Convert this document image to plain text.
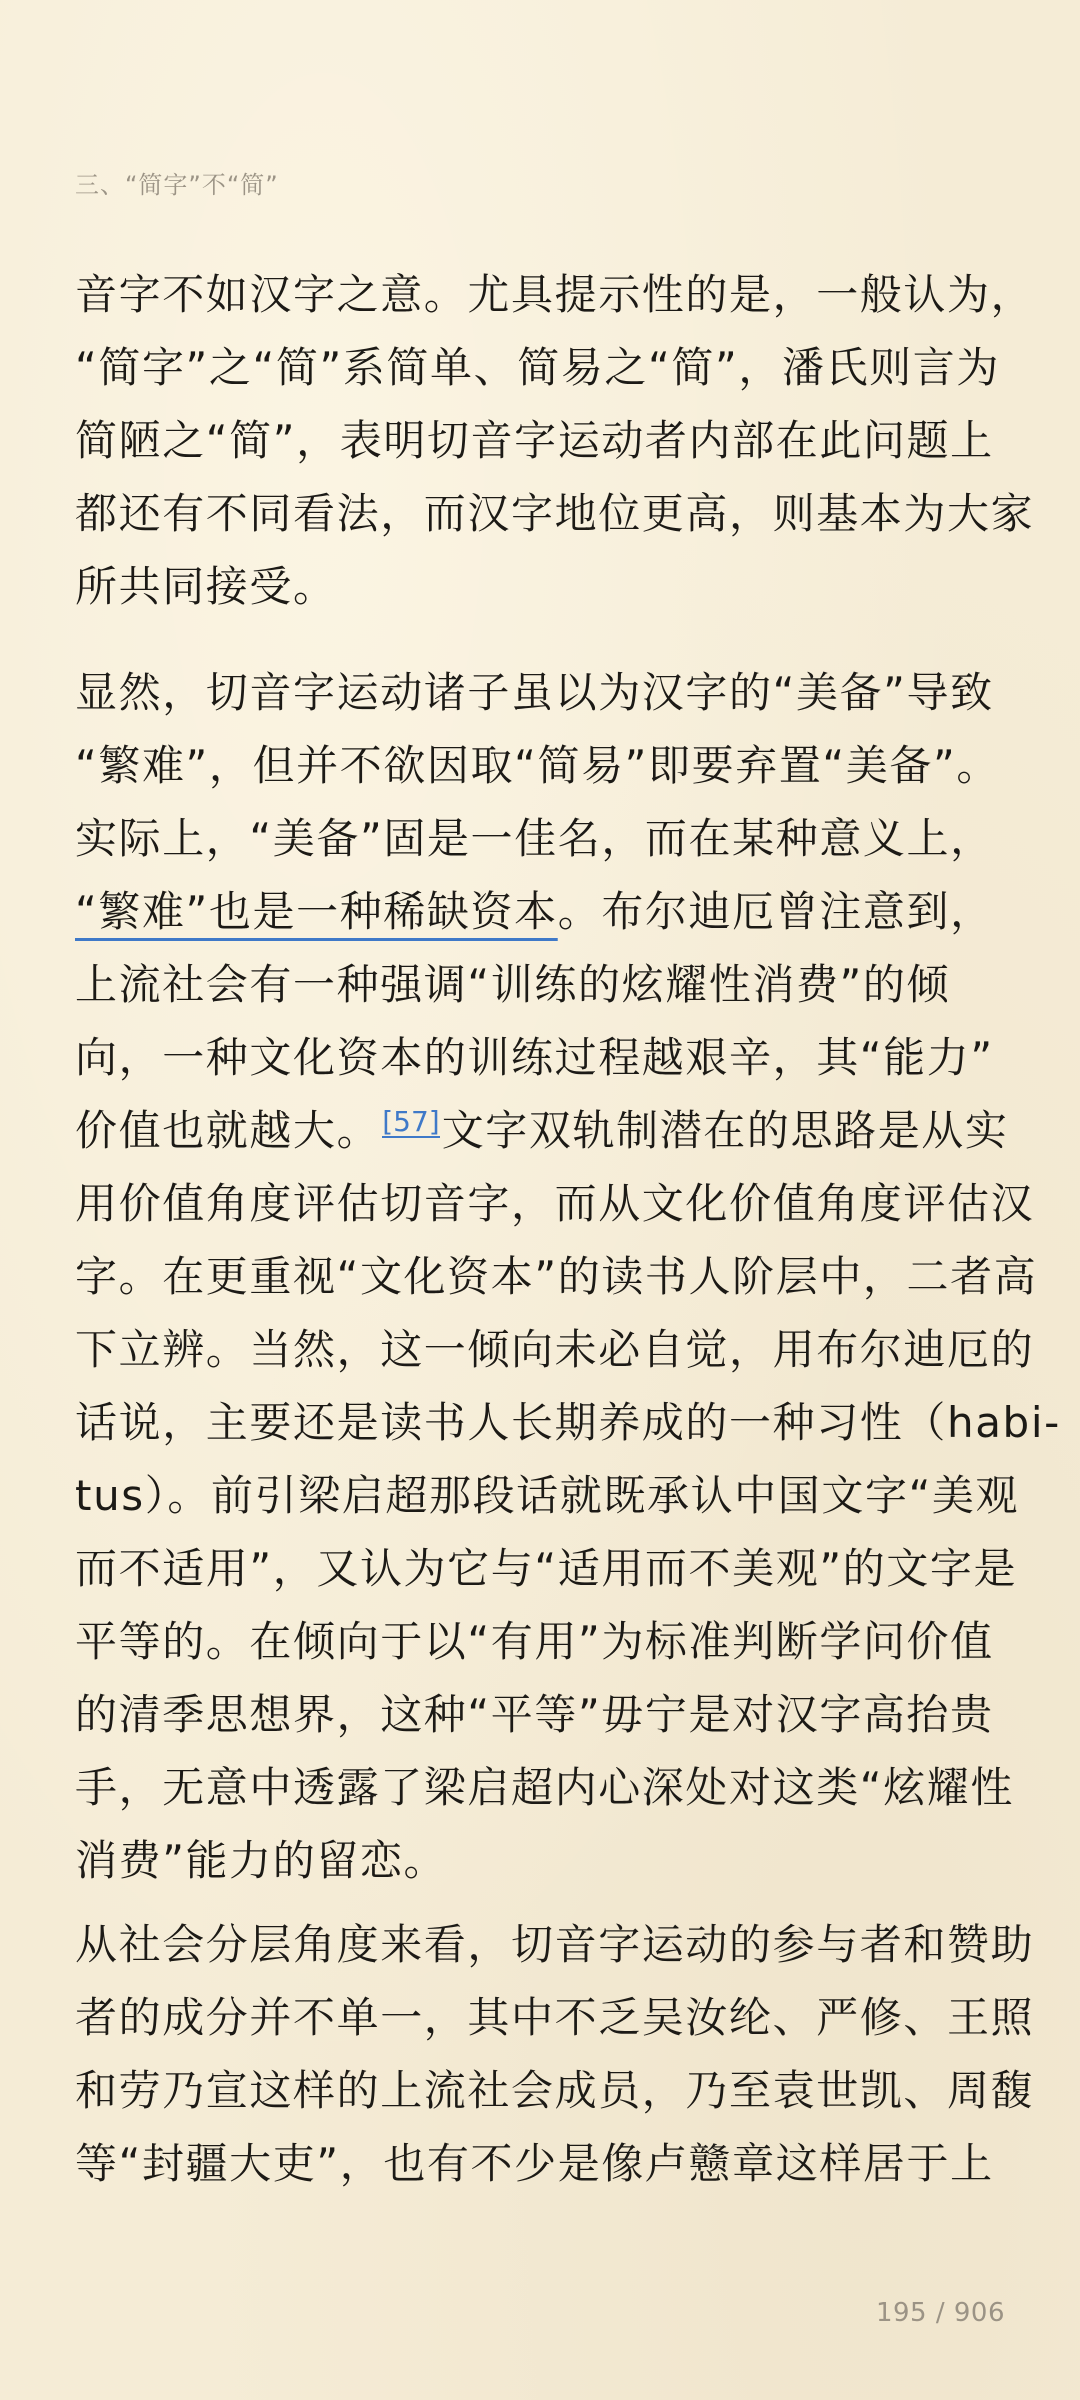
三、“简字”不“简”
音字不如汉字之意。尤具提示性的是，一般认为，
“简字”之“简”系简单、简易之“简”，潘氏则言为
简陋之“简”，表明切音字运动者内部在此问题上
都还有不同看法，而汉字地位更高，则基本为大家
所共同接受。
显然，切音字运动诸子虽以为汉字的“美备”导致
“繁难”，但并不欲因取“简易”即要弃置“美备”。
实际上，“美备”固是一佳名，而在某种意义上，
“繁难”也是一种稀缺资本。布尔迪厄曾注意到，
上流社会有一种强调“训练的炫耀性消费”的倾
向，一种文化资本的训练过程越艰辛，其“能力”
价值也就越大。[57]文字双轨制潜在的思路是从实
用价值角度评估切音字，而从文化价值角度评估汉
字。在更重视“文化资本”的读书人阶层中，二者高
下立辨。当然，这一倾向未必自觉，用布尔迪厄的
话说，主要还是读书人长期养成的一种习性（habi-
tus）。前引梁启超那段话就既承认中国文字“美观
而不适用”，又认为它与“适用而不美观”的文字是
平等的。在倾向于以“有用”为标准判断学问价值
的清季思想界，这种“平等”毋宁是对汉字高抬贵
手，无意中透露了梁启超内心深处对这类“炫耀性
消费”能力的留恋。
从社会分层角度来看，切音字运动的参与者和赞助
者的成分并不单一，其中不乏吴汝纶、严修、王照
和劳乃宣这样的上流社会成员，乃至袁世凯、周馥
等“封疆大吏”，也有不少是像卢戆章这样居于上
195 / 906
